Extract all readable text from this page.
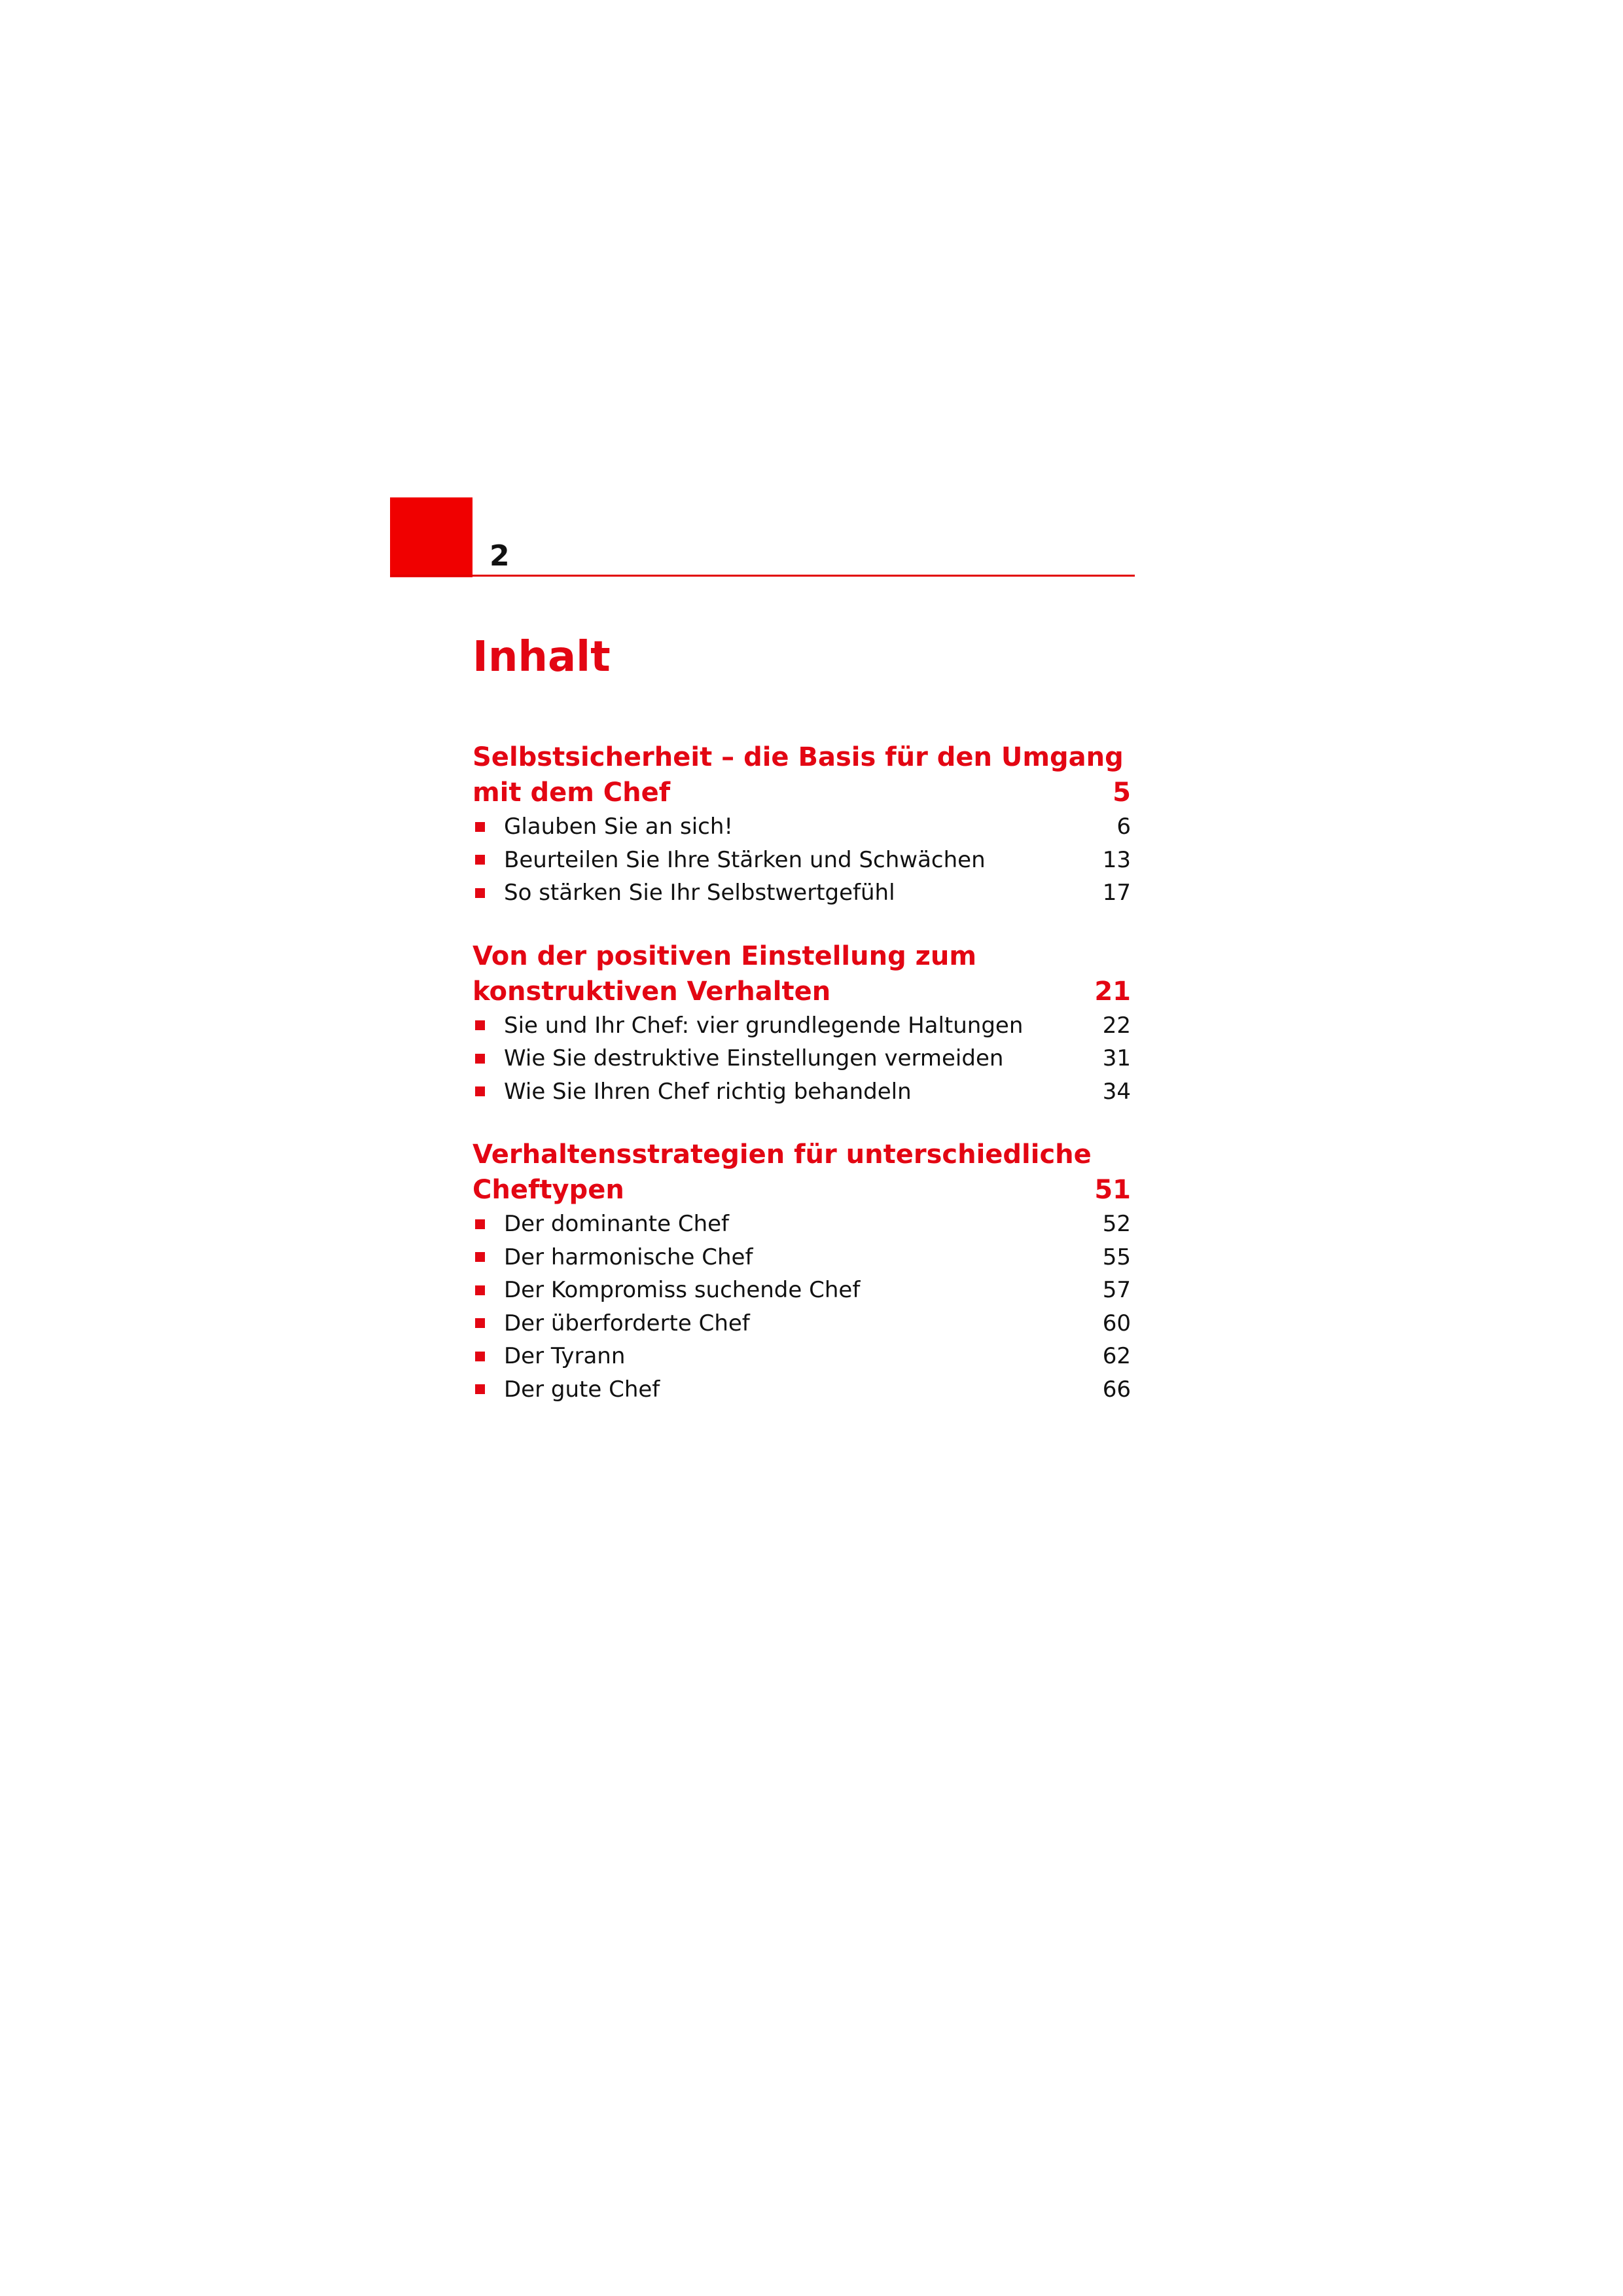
2
Inhalt
Selbstsicherheit – die Basis für den Umgang
mit dem Chef	5
Glauben Sie an sich!	6
Beurteilen Sie Ihre Stärken und Schwächen	13
So stärken Sie Ihr Selbstwertgefühl	17
Von der positiven Einstellung zum
konstruktiven Verhalten	21
Sie und Ihr Chef: vier grundlegende Haltungen	22
Wie Sie destruktive Einstellungen vermeiden	31
Wie Sie Ihren Chef richtig behandeln	34
Verhaltensstrategien für unterschiedliche
Cheftypen	51
Der dominante Chef	52
Der harmonische Chef	55
Der Kompromiss suchende Chef	57
Der überforderte Chef	60
Der Tyrann	62
Der gute Chef	66
